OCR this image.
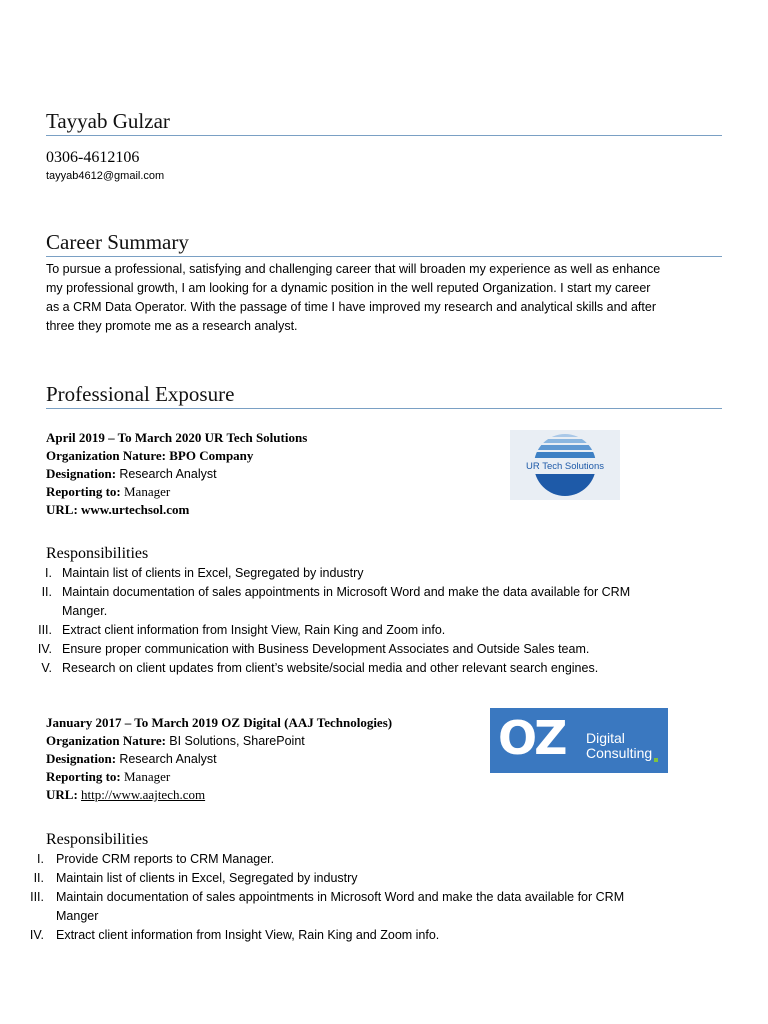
Tayyab Gulzar
0306-4612106
tayyab4612@gmail.com
Career Summary
To pursue a professional, satisfying and challenging career that will broaden my experience as well as enhance
my professional growth, I am looking for a dynamic position in the well reputed Organization. I start my career
as a CRM Data Operator. With the passage of time I have improved my research and analytical skills and after
three they promote me as a research analyst.
Professional Exposure
April 2019 – To March 2020 UR Tech Solutions
Organization Nature: BPO Company
Designation: Research Analyst
Reporting to: Manager
URL: www.urtechsol.com
UR Tech Solutions
Responsibilities
I. Maintain list of clients in Excel, Segregated by industry
II. Maintain documentation of sales appointments in Microsoft Word and make the data available for CRM
Manger.
III. Extract client information from Insight View, Rain King and Zoom info.
IV. Ensure proper communication with Business Development Associates and Outside Sales team.
V. Research on client updates from client’s website/social media and other relevant search engines.
January 2017 – To March 2019 OZ Digital (AAJ Technologies)
Organization Nature: BI Solutions, SharePoint
Designation: Research Analyst
Reporting to: Manager
URL: http://www.aajtech.com
OZ Digital
Consulting
Responsibilities
I. Provide CRM reports to CRM Manager.
II. Maintain list of clients in Excel, Segregated by industry
III. Maintain documentation of sales appointments in Microsoft Word and make the data available for CRM
Manger
IV. Extract client information from Insight View, Rain King and Zoom info.
